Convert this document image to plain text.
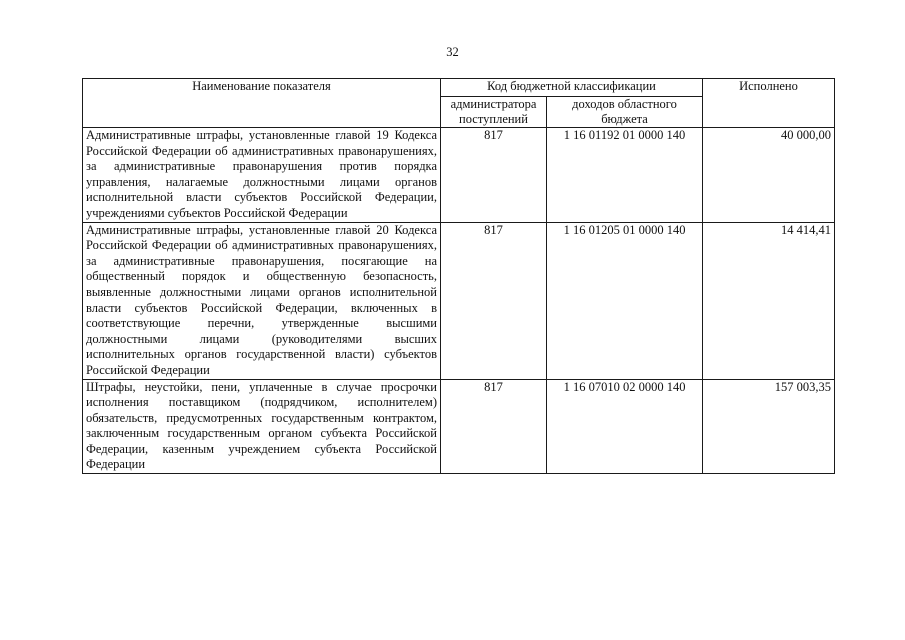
32
Наименование показателя	Код бюджетной классификации		Исполнено
	администратора поступлений	доходов областного бюджета	
Административные штрафы, установленные главой 19 Кодекса Российской Федерации об административных правонарушениях, за административные правонарушения против порядка управления, налагаемые должностными лицами органов исполнительной власти субъектов Российской Федерации, учреждениями субъектов Российской Федерации	817	1 16 01192 01 0000 140	40 000,00
Административные штрафы, установленные главой 20 Кодекса Российской Федерации об административных правонарушениях, за административные правонарушения, посягающие на общественный порядок и общественную безопасность, выявленные должностными лицами органов исполнительной власти субъектов Российской Федерации, включенных в соответствующие перечни, утвержденные высшими должностными лицами (руководителями высших исполнительных органов государственной власти) субъектов Российской Федерации	817	1 16 01205 01 0000 140	14 414,41
Штрафы, неустойки, пени, уплаченные в случае просрочки исполнения поставщиком (подрядчиком, исполнителем) обязательств, предусмотренных государственным контрактом, заключенным государственным органом субъекта Российской Федерации, казенным учреждением субъекта Российской Федерации	817	1 16 07010 02 0000 140	157 003,35
